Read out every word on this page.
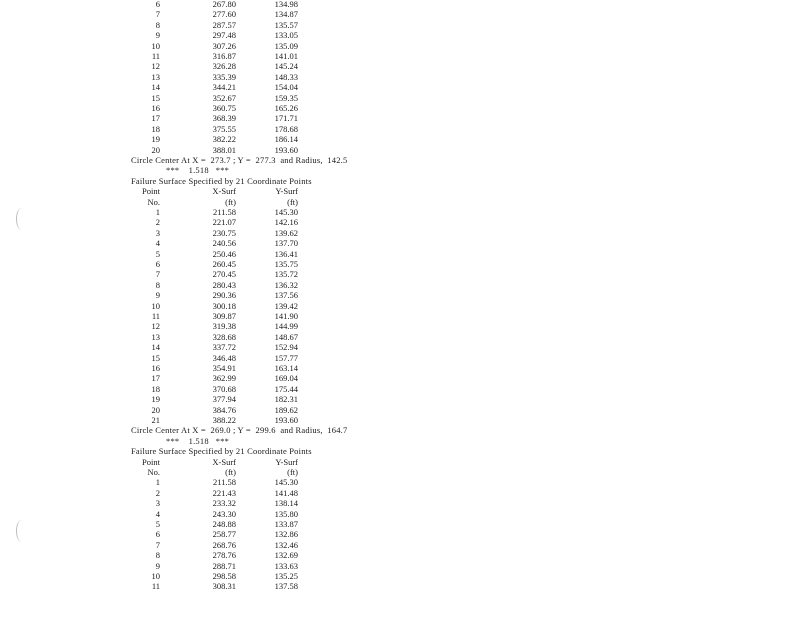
6	267.80	134.98
7	277.60	134.87
8	287.57	135.57
9	297.48	133.05
10	307.26	135.09
11	316.87	141.01
12	326.28	145.24
13	335.39	148.33
14	344.21	154.04
15	352.67	159.35
16	360.75	165.26
17	368.39	171.71
18	375.55	178.68
19	382.22	186.14
20	388.01	193.60
Circle Center At X =  273.7 ; Y =  277.3  and Radius,  142.5
***    1.518   ***
Failure Surface Specified by 21 Coordinate Points
Point	X-Surf	Y-Surf
No.	(ft)	(ft)
1	211.58	145.30
2	221.07	142.16
3	230.75	139.62
4	240.56	137.70
5	250.46	136.41
6	260.45	135.75
7	270.45	135.72
8	280.43	136.32
9	290.36	137.56
10	300.18	139.42
11	309.87	141.90
12	319.38	144.99
13	328.68	148.67
14	337.72	152.94
15	346.48	157.77
16	354.91	163.14
17	362.99	169.04
18	370.68	175.44
19	377.94	182.31
20	384.76	189.62
21	388.22	193.60
Circle Center At X =  269.0 ; Y =  299.6  and Radius,  164.7
***    1.518   ***
Failure Surface Specified by 21 Coordinate Points
Point	X-Surf	Y-Surf
No.	(ft)	(ft)
1	211.58	145.30
2	221.43	141.48
3	233.32	138.14
4	243.30	135.80
5	248.88	133.87
6	258.77	132.86
7	268.76	132.46
8	278.76	132.69
9	288.71	133.63
10	298.58	135.25
11	308.31	137.58
